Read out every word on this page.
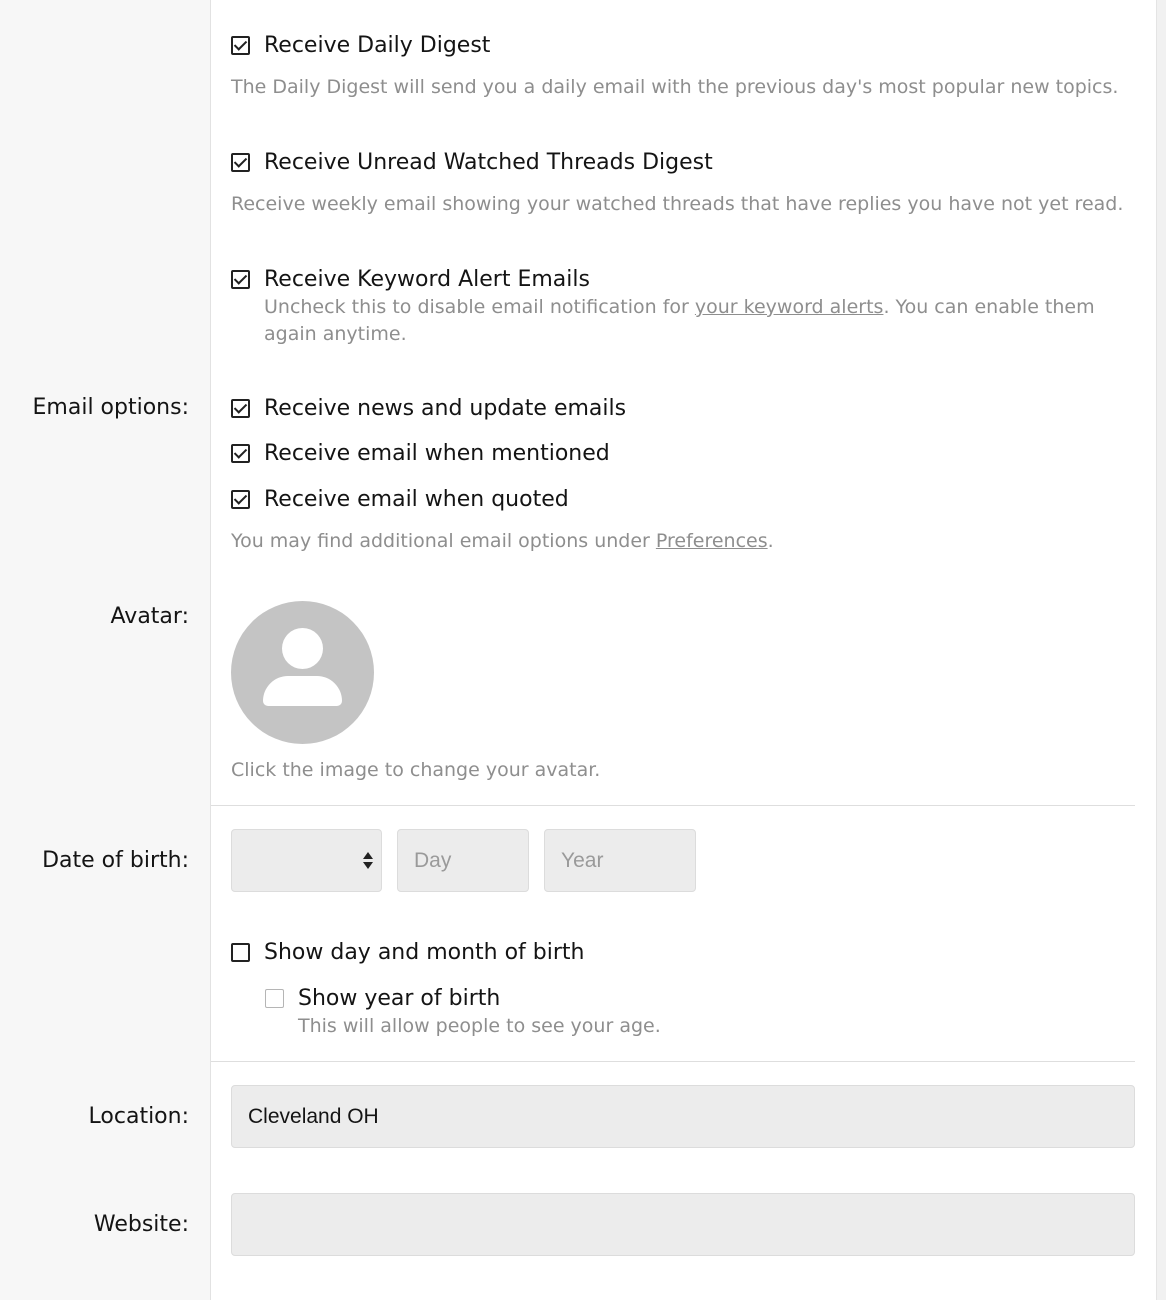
Receive Daily Digest
The Daily Digest will send you a daily email with the previous day's most popular new topics.
Receive Unread Watched Threads Digest
Receive weekly email showing your watched threads that have replies you have not yet read.
Receive Keyword Alert Emails
Uncheck this to disable email notification for your keyword alerts. You can enable them again anytime.
Email options:	Receive news and update emails
Receive email when mentioned
Receive email when quoted
You may find additional email options under Preferences.
Avatar:
Click the image to change your avatar.
Date of birth:
Day
Year
Show day and month of birth
Show year of birth
This will allow people to see your age.
Location:
Cleveland OH
Website:
